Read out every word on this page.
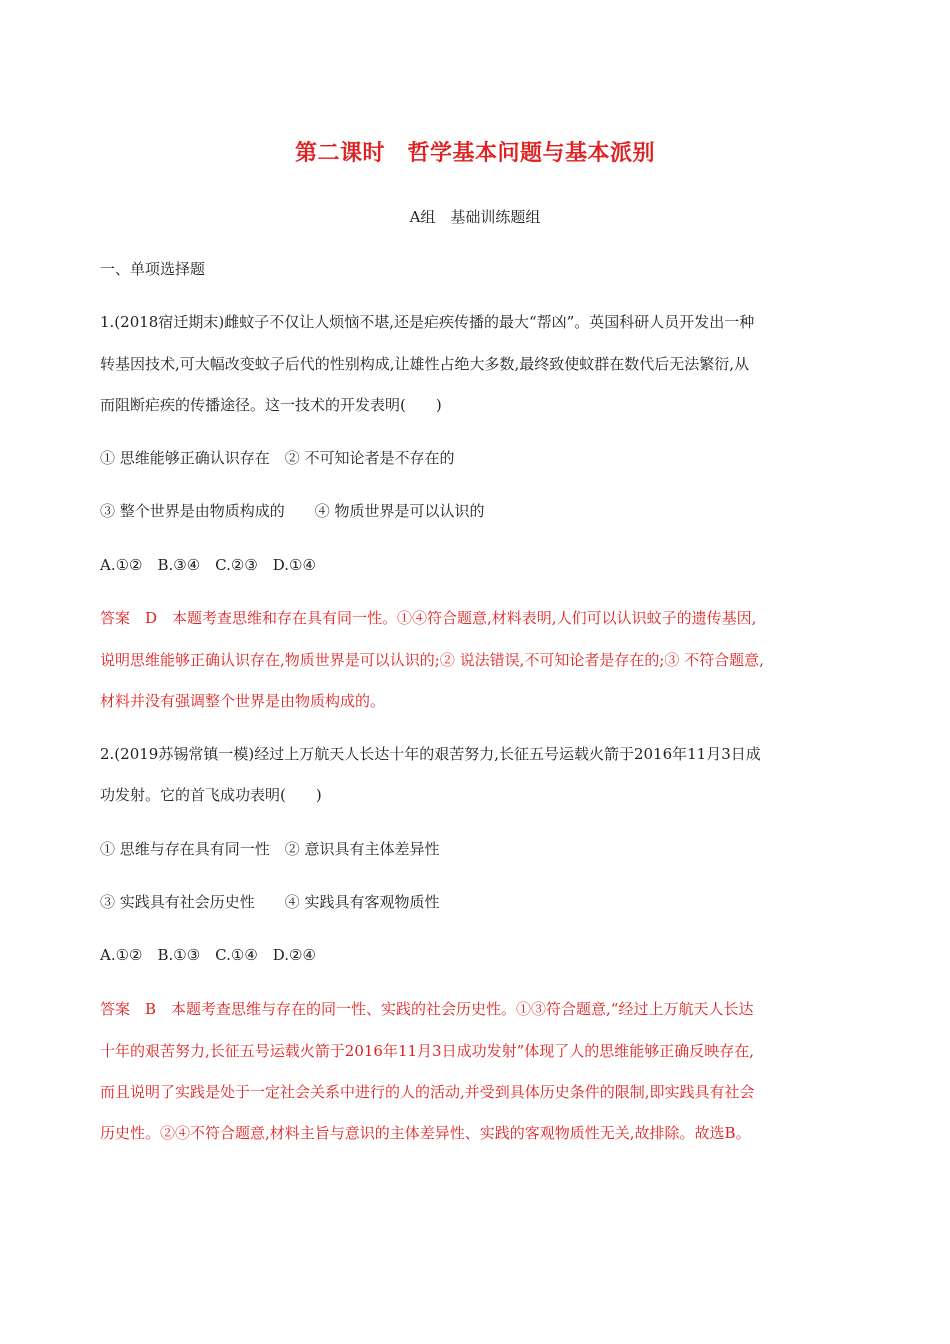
第二课时　哲学基本问题与基本派别
A组　基础训练题组
一、单项选择题
1.(2018宿迁期末)雌蚊子不仅让人烦恼不堪,还是疟疾传播的最大“帮凶”。英国科研人员开发出一种
转基因技术,可大幅改变蚊子后代的性别构成,让雄性占绝大多数,最终致使蚊群在数代后无法繁衍,从
而阻断疟疾的传播途径。这一技术的开发表明(　　)
① 思维能够正确认识存在　② 不可知论者是不存在的
③ 整个世界是由物质构成的　　④ 物质世界是可以认识的
A.①②　B.③④　C.②③　D.①④
答案　D　本题考查思维和存在具有同一性。①④符合题意,材料表明,人们可以认识蚊子的遗传基因,
说明思维能够正确认识存在,物质世界是可以认识的;② 说法错误,不可知论者是存在的;③ 不符合题意,
材料并没有强调整个世界是由物质构成的。
2.(2019苏锡常镇一模)经过上万航天人长达十年的艰苦努力,长征五号运载火箭于2016年11月3日成
功发射。它的首飞成功表明(　　)
① 思维与存在具有同一性　② 意识具有主体差异性
③ 实践具有社会历史性　　④ 实践具有客观物质性
A.①②　B.①③　C.①④　D.②④
答案　B　本题考查思维与存在的同一性、实践的社会历史性。①③符合题意,“经过上万航天人长达
十年的艰苦努力,长征五号运载火箭于2016年11月3日成功发射”体现了人的思维能够正确反映存在,
而且说明了实践是处于一定社会关系中进行的人的活动,并受到具体历史条件的限制,即实践具有社会
历史性。②④不符合题意,材料主旨与意识的主体差异性、实践的客观物质性无关,故排除。故选B。
